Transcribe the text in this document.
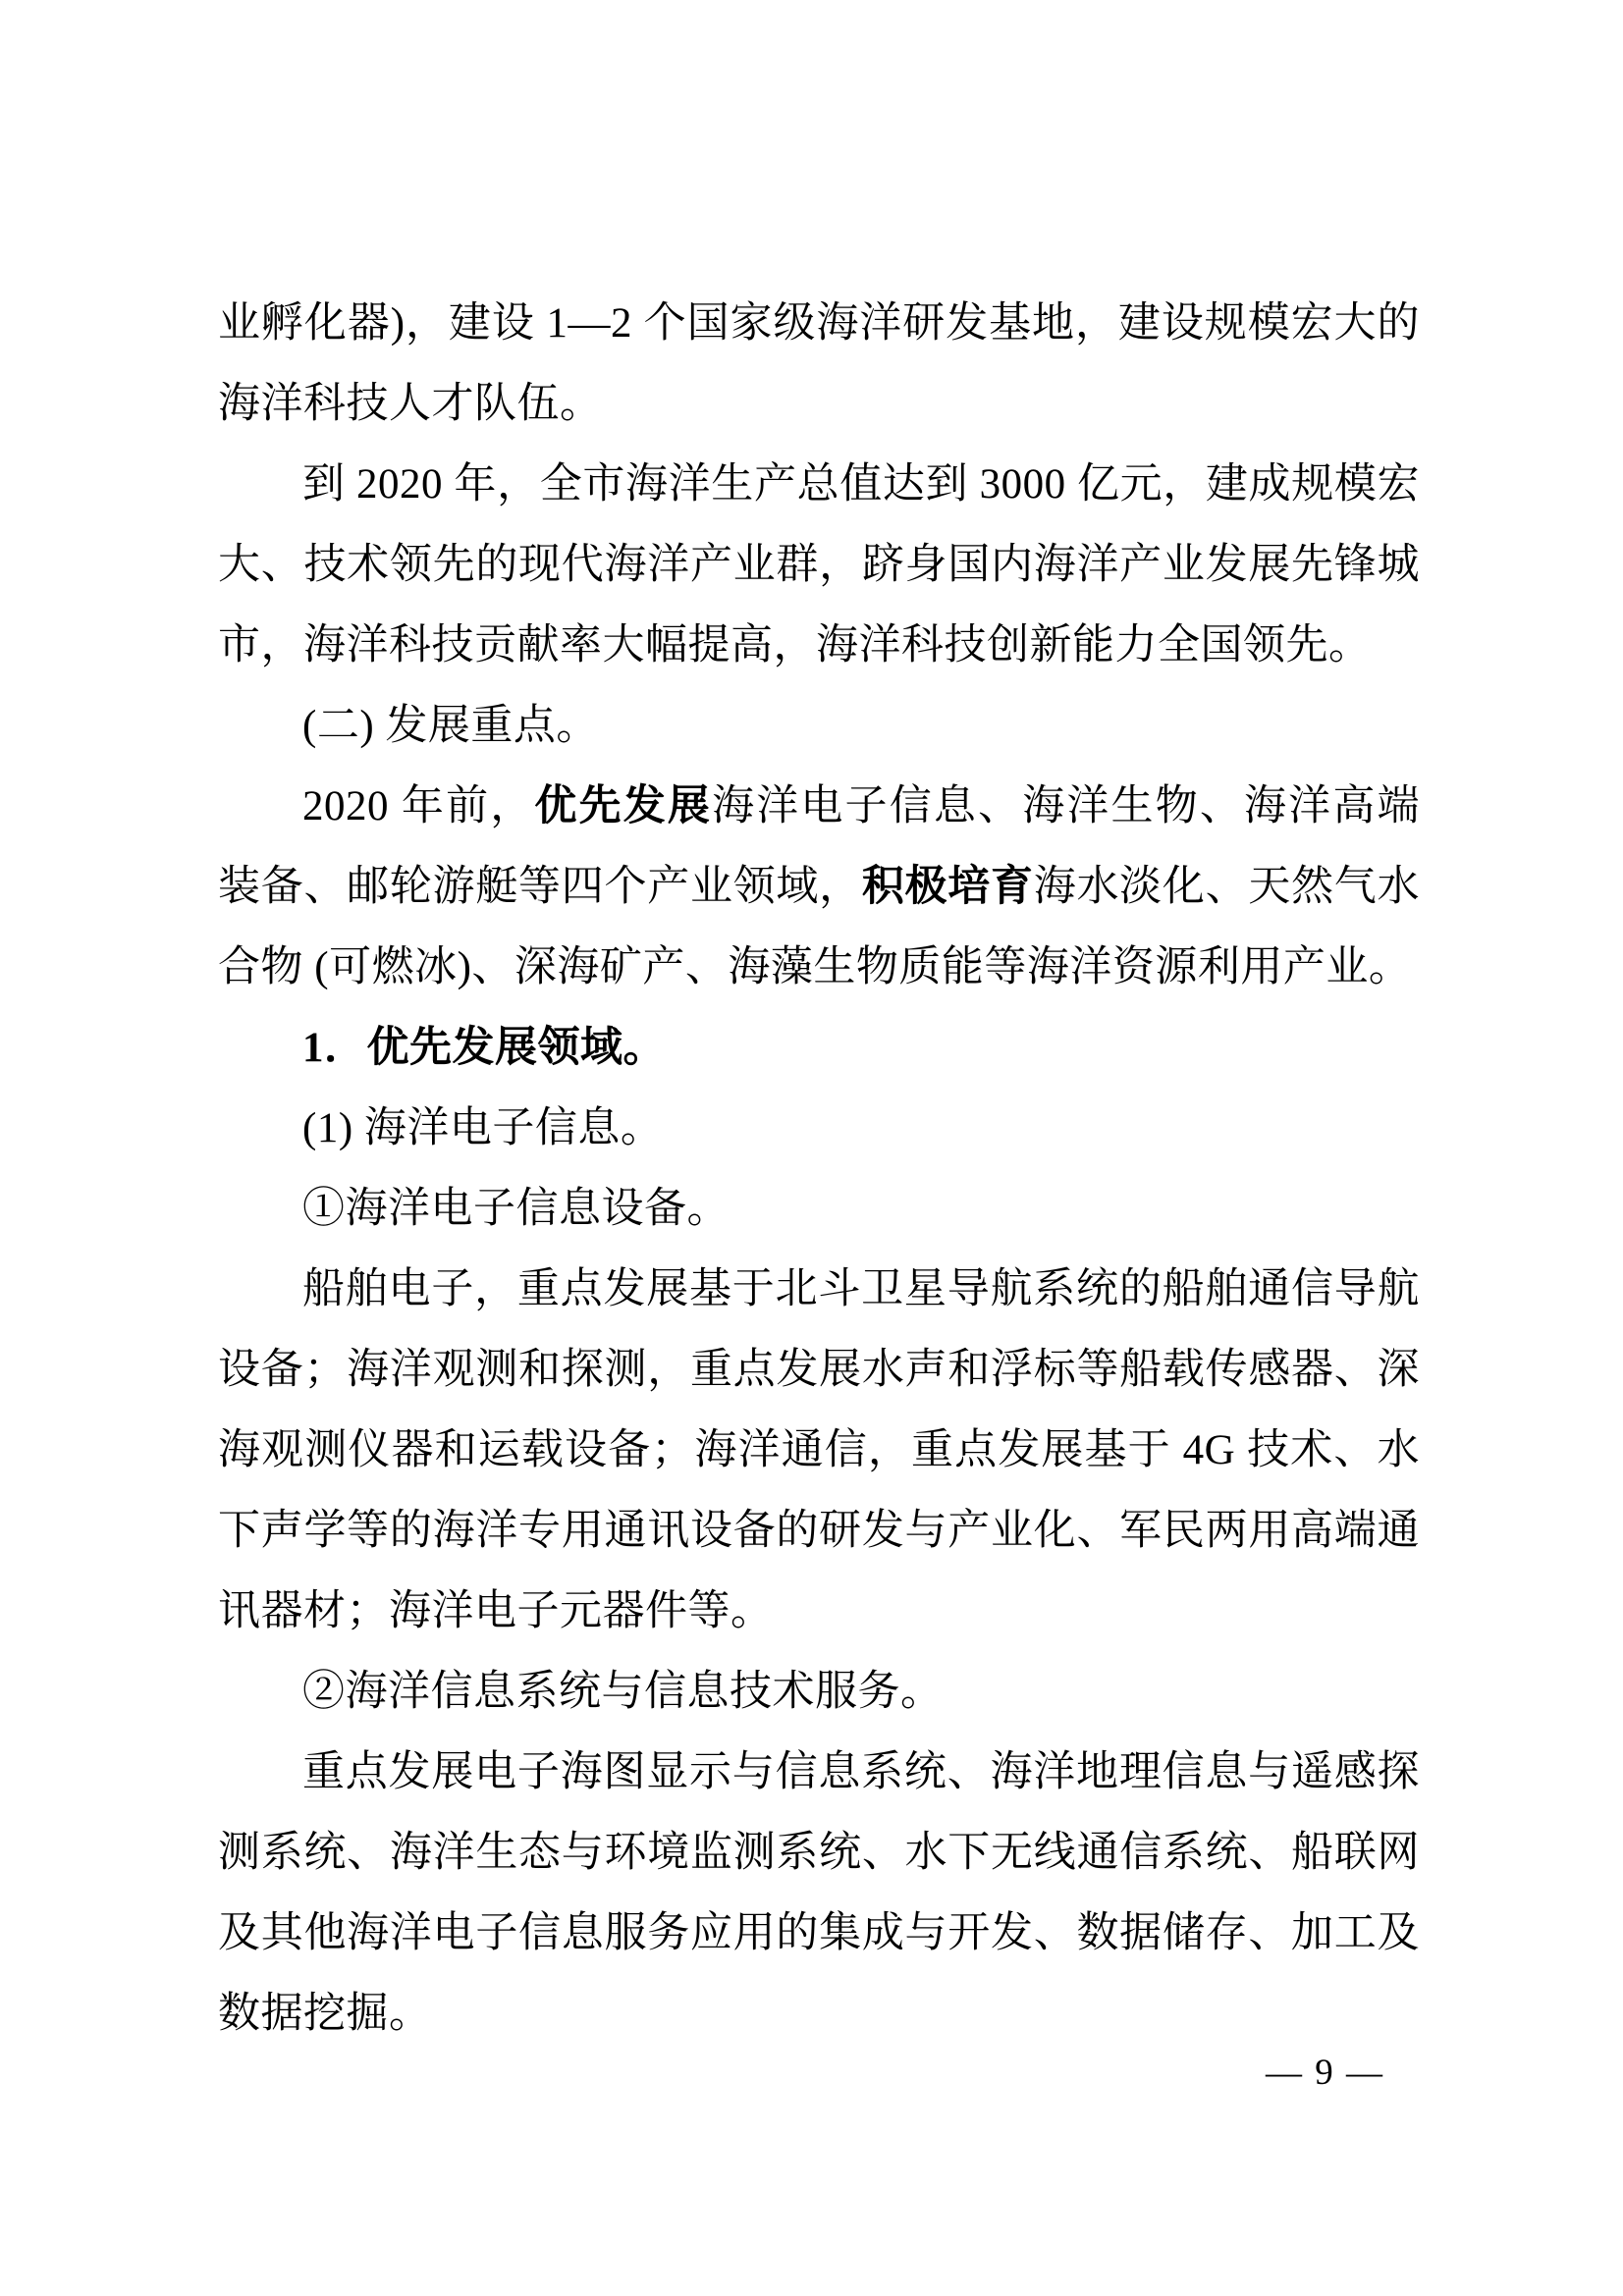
业孵化器)，建设 1—2 个国家级海洋研发基地，建设规模宏大的海洋科技人才队伍。

到 2020 年，全市海洋生产总值达到 3000 亿元，建成规模宏大、技术领先的现代海洋产业群，跻身国内海洋产业发展先锋城市，海洋科技贡献率大幅提高，海洋科技创新能力全国领先。

(二) 发展重点。

2020 年前，优先发展海洋电子信息、海洋生物、海洋高端装备、邮轮游艇等四个产业领域，积极培育海水淡化、天然气水合物 (可燃冰)、深海矿产、海藻生物质能等海洋资源利用产业。

1．优先发展领域。

(1) 海洋电子信息。

①海洋电子信息设备。

船舶电子，重点发展基于北斗卫星导航系统的船舶通信导航设备；海洋观测和探测，重点发展水声和浮标等船载传感器、深海观测仪器和运载设备；海洋通信，重点发展基于 4G 技术、水下声学等的海洋专用通讯设备的研发与产业化、军民两用高端通讯器材；海洋电子元器件等。

②海洋信息系统与信息技术服务。

重点发展电子海图显示与信息系统、海洋地理信息与遥感探测系统、海洋生态与环境监测系统、水下无线通信系统、船联网及其他海洋电子信息服务应用的集成与开发、数据储存、加工及数据挖掘。

— 9 —
